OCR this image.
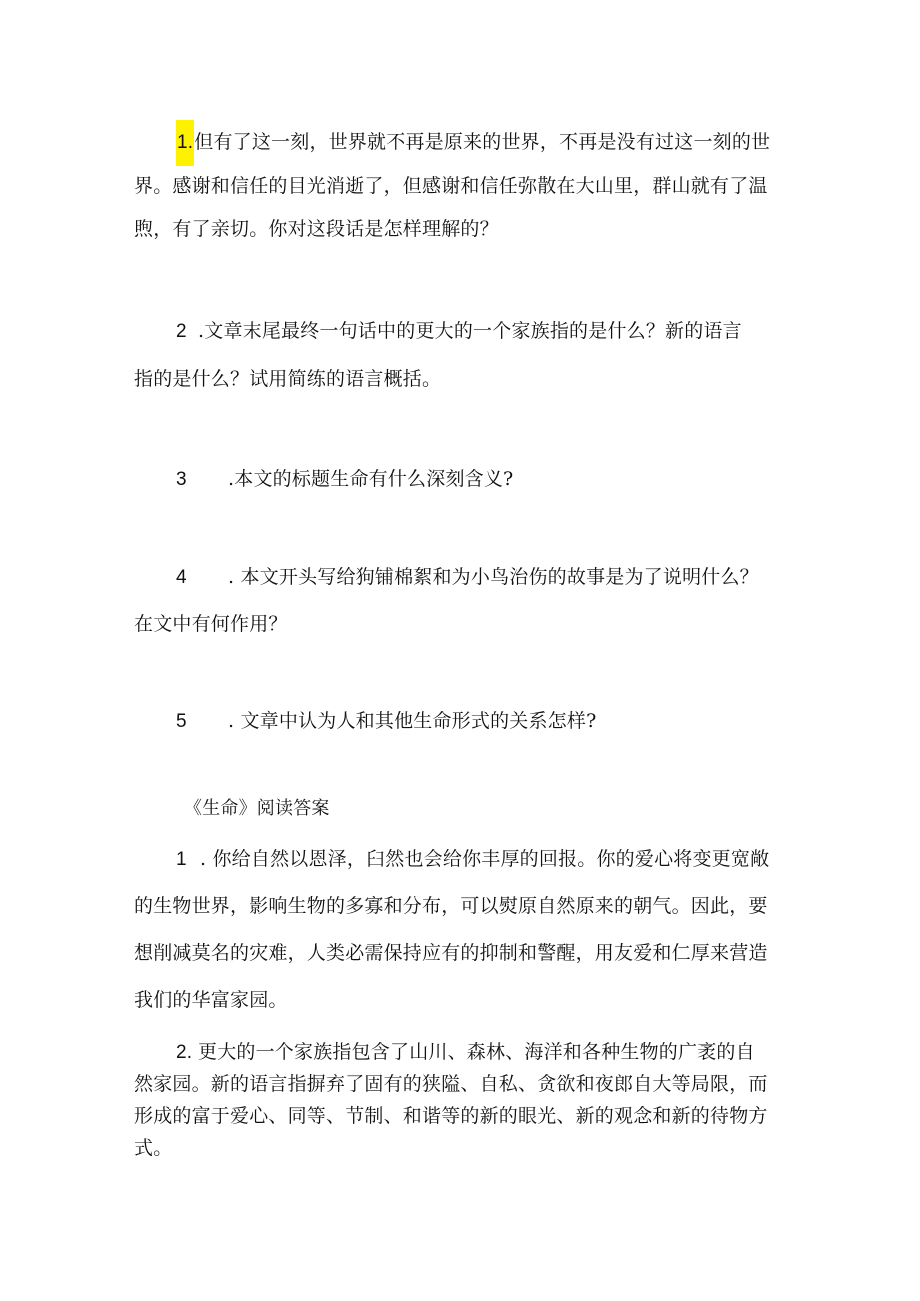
1.但有了这一刻，世界就不再是原来的世界，不再是没有过这一刻的世

界。感谢和信任的目光消逝了，但感谢和信任弥散在大山里，群山就有了温

煦，有了亲切。你对这段话是怎样理解的？

2 .文章末尾最终一句话中的更大的一个家族指的是什么？新的语言

指的是什么？试用简练的语言概括。

3 .本文的标题生命有什么深刻含义?

4 . 本文开头写给狗铺棉絮和为小鸟治伤的故事是为了说明什么？

在文中有何作用？

5 . 文章中认为人和其他生命形式的关系怎样?

《生命》阅读答案

1 . 你给自然以恩泽，臼然也会给你丰厚的回报。你的爱心将变更宽敞

的生物世界，影响生物的多寡和分布，可以熨原自然原来的朝气。因此，要

想削减莫名的灾难，人类必需保持应有的抑制和警醒，用友爱和仁厚来营造

我们的华富家园。

2. 更大的一个家族指包含了山川、森林、海洋和各种生物的广袤的自

然家园。新的语言指摒弃了固有的狭隘、自私、贪欲和夜郎自大等局限，而

形成的富于爱心、同等、节制、和谐等的新的眼光、新的观念和新的待物方

式。
